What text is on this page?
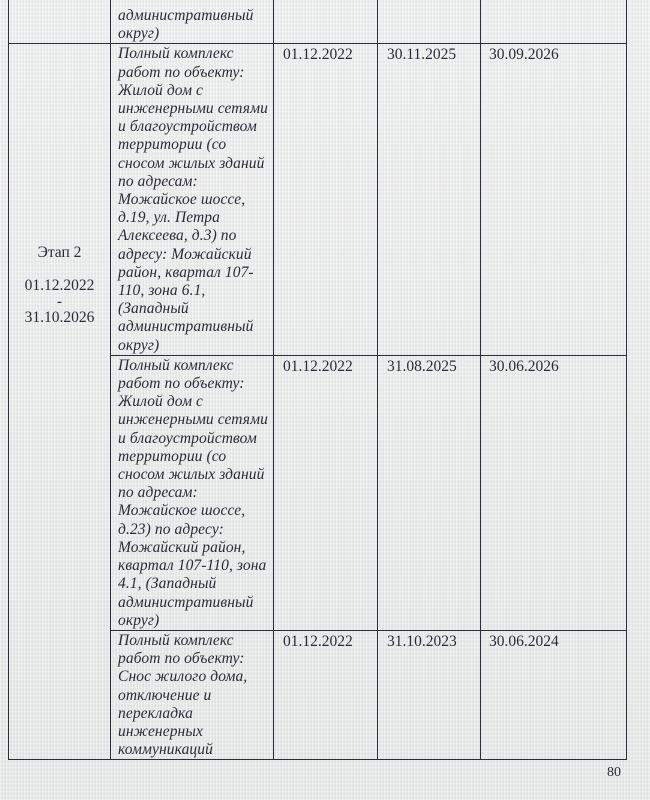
	административный
округ)			

Этап 2
01.12.2022
-
31.10.2026

Полный комплекс
работ по объекту:
Жилой дом с
инженерными сетями
и благоустройством
территории (со
сносом жилых зданий
по адресам:
Можайское шоссе,
д.19, ул. Петра
Алексеева, д.3) по
адресу: Можайский
район, квартал 107-
110, зона 6.1,
(Западный
административный
округ)

01.12.2022	30.11.2025	30.09.2026

Полный комплекс
работ по объекту:
Жилой дом с
инженерными сетями
и благоустройством
территории (со
сносом жилых зданий
по адресам:
Можайское шоссе,
д.23) по адресу:
Можайский район,
квартал 107-110, зона
4.1, (Западный
административный
округ)

01.12.2022	31.08.2025	30.06.2026

Полный комплекс
работ по объекту:
Снос жилого дома,
отключение и
перекладка
инженерных
коммуникаций

01.12.2022	31.10.2023	30.06.2024
80
